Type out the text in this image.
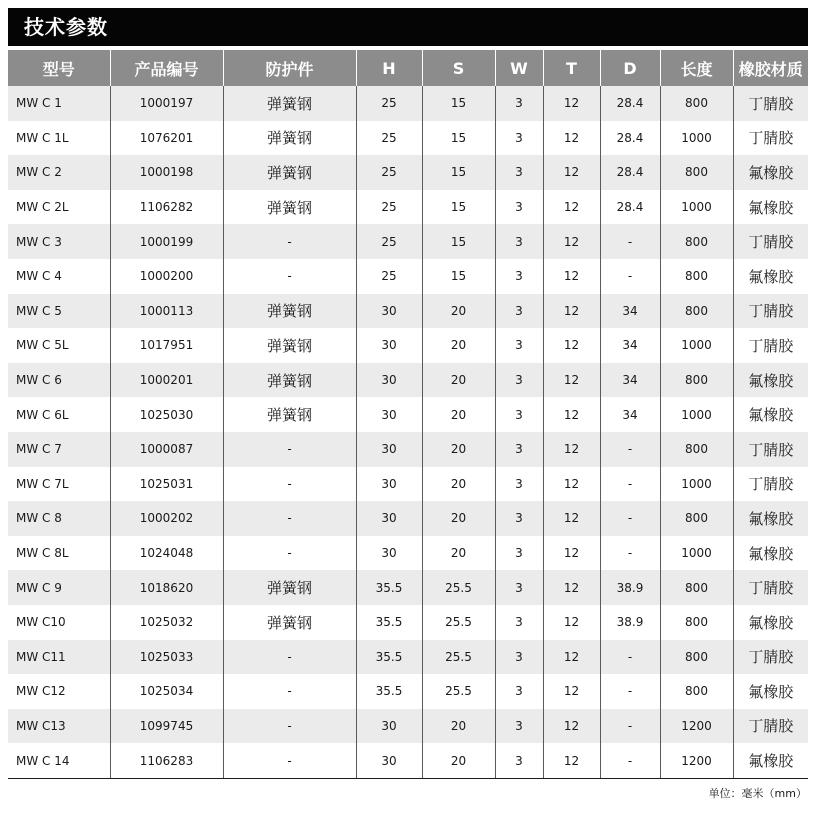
技术参数
型号	产品编号	防护件	H	S	W	T	D	长度	橡胶材质
MW C 1	1000197	弹簧钢	25	15	3	12	28.4	800	丁腈胶
MW C 1L	1076201	弹簧钢	25	15	3	12	28.4	1000	丁腈胶
MW C 2	1000198	弹簧钢	25	15	3	12	28.4	800	氟橡胶
MW C 2L	1106282	弹簧钢	25	15	3	12	28.4	1000	氟橡胶
MW C 3	1000199	-	25	15	3	12	-	800	丁腈胶
MW C 4	1000200	-	25	15	3	12	-	800	氟橡胶
MW C 5	1000113	弹簧钢	30	20	3	12	34	800	丁腈胶
MW C 5L	1017951	弹簧钢	30	20	3	12	34	1000	丁腈胶
MW C 6	1000201	弹簧钢	30	20	3	12	34	800	氟橡胶
MW C 6L	1025030	弹簧钢	30	20	3	12	34	1000	氟橡胶
MW C 7	1000087	-	30	20	3	12	-	800	丁腈胶
MW C 7L	1025031	-	30	20	3	12	-	1000	丁腈胶
MW C 8	1000202	-	30	20	3	12	-	800	氟橡胶
MW C 8L	1024048	-	30	20	3	12	-	1000	氟橡胶
MW C 9	1018620	弹簧钢	35.5	25.5	3	12	38.9	800	丁腈胶
MW C10	1025032	弹簧钢	35.5	25.5	3	12	38.9	800	氟橡胶
MW C11	1025033	-	35.5	25.5	3	12	-	800	丁腈胶
MW C12	1025034	-	35.5	25.5	3	12	-	800	氟橡胶
MW C13	1099745	-	30	20	3	12	-	1200	丁腈胶
MW C 14	1106283	-	30	20	3	12	-	1200	氟橡胶
单位：毫米（mm）
